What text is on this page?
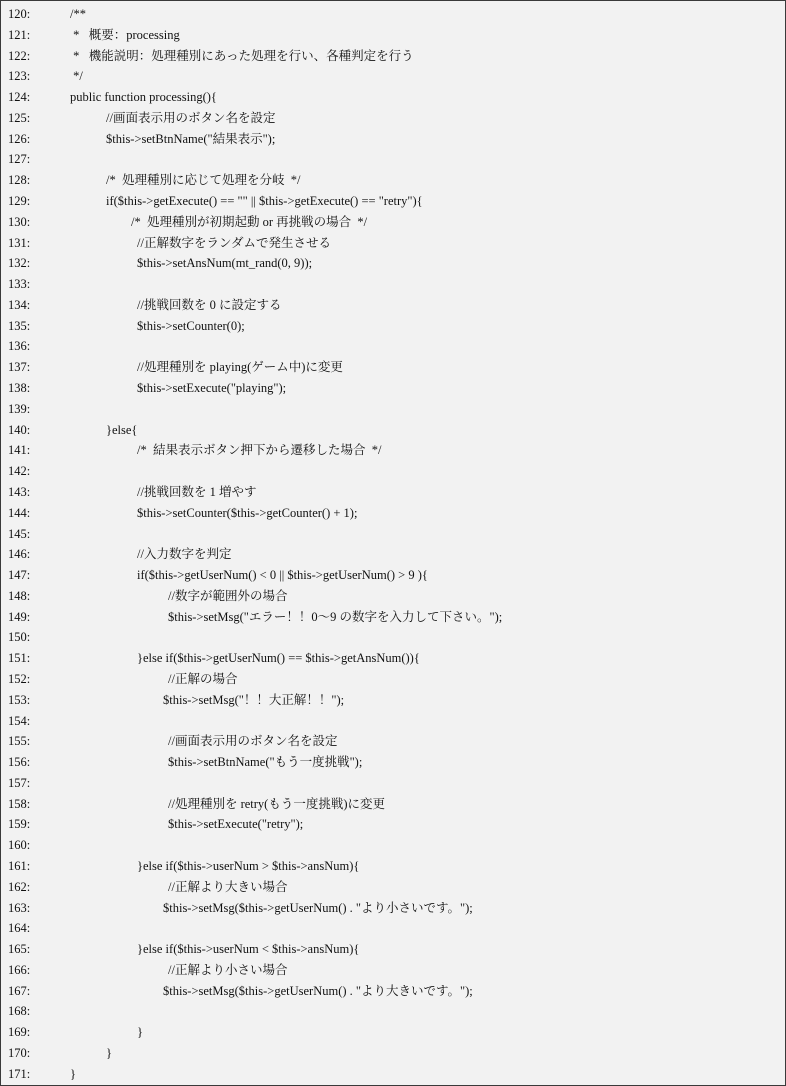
120:	/**
121:	*   概要：processing
122:	*   機能説明：処理種別にあった処理を行い、各種判定を行う
123:	*/
124:	public function processing(){
125:	//画面表示用のボタン名を設定
126:	$this->setBtnName("結果表示");
127:
128:	/*  処理種別に応じて処理を分岐  */
129:	if($this->getExecute() == "" || $this->getExecute() == "retry"){
130:	/*  処理種別が初期起動 or 再挑戦の場合  */
131:	//正解数字をランダムで発生させる
132:	$this->setAnsNum(mt_rand(0, 9));
133:
134:	//挑戦回数を 0 に設定する
135:	$this->setCounter(0);
136:
137:	//処理種別を playing(ゲーム中)に変更
138:	$this->setExecute("playing");
139:
140:	}else{
141:	/*  結果表示ボタン押下から遷移した場合  */
142:
143:	//挑戦回数を 1 増やす
144:	$this->setCounter($this->getCounter() + 1);
145:
146:	//入力数字を判定
147:	if($this->getUserNum() < 0 || $this->getUserNum() > 9 ){
148:	//数字が範囲外の場合
149:	$this->setMsg("エラー！！0～9 の数字を入力して下さい。");
150:
151:	}else if($this->getUserNum() == $this->getAnsNum()){
152:	//正解の場合
153:	$this->setMsg("！！大正解！！");
154:
155:	//画面表示用のボタン名を設定
156:	$this->setBtnName("もう一度挑戦");
157:
158:	//処理種別を retry(もう一度挑戦)に変更
159:	$this->setExecute("retry");
160:
161:	}else if($this->userNum > $this->ansNum){
162:	//正解より大きい場合
163:	$this->setMsg($this->getUserNum() . "より小さいです。");
164:
165:	}else if($this->userNum < $this->ansNum){
166:	//正解より小さい場合
167:	$this->setMsg($this->getUserNum() . "より大きいです。");
168:
169:	}
170:	}
171:	}
